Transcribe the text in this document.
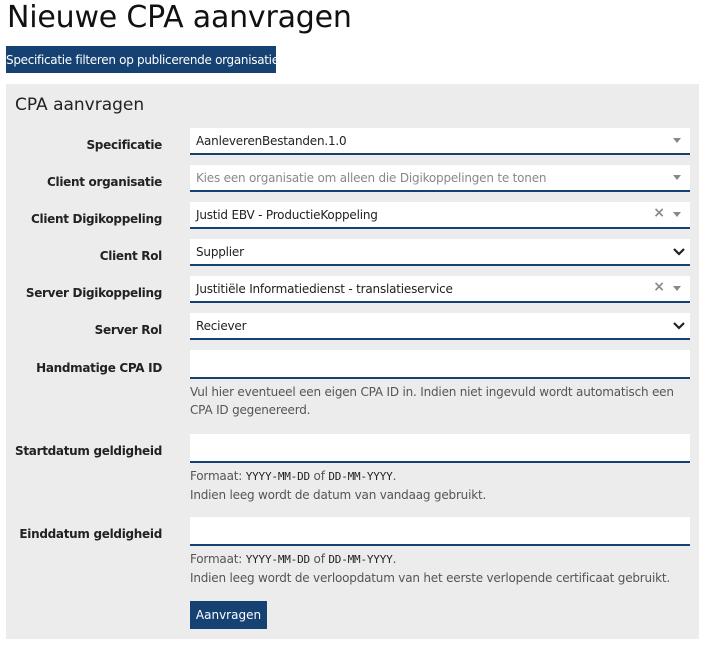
Nieuwe CPA aanvragen
Specificatie filteren op publicerende organisatie
CPA aanvragen
Specificatie	AanleverenBestanden.1.0
Client organisatie	Kies een organisatie om alleen die Digikoppelingen te tonen
Client Digikoppeling	Justid EBV - ProductieKoppeling	×
Client Rol	Supplier
Server Digikoppeling	Justitiële Informatiedienst - translatieservice	×
Server Rol	Reciever
Handmatige CPA ID
Vul hier eventueel een eigen CPA ID in. Indien niet ingevuld wordt automatisch een CPA ID gegenereerd.
Startdatum geldigheid
Formaat: YYYY-MM-DD of DD-MM-YYYY.
Indien leeg wordt de datum van vandaag gebruikt.
Einddatum geldigheid
Formaat: YYYY-MM-DD of DD-MM-YYYY.
Indien leeg wordt de verloopdatum van het eerste verlopende certificaat gebruikt.
Aanvragen
